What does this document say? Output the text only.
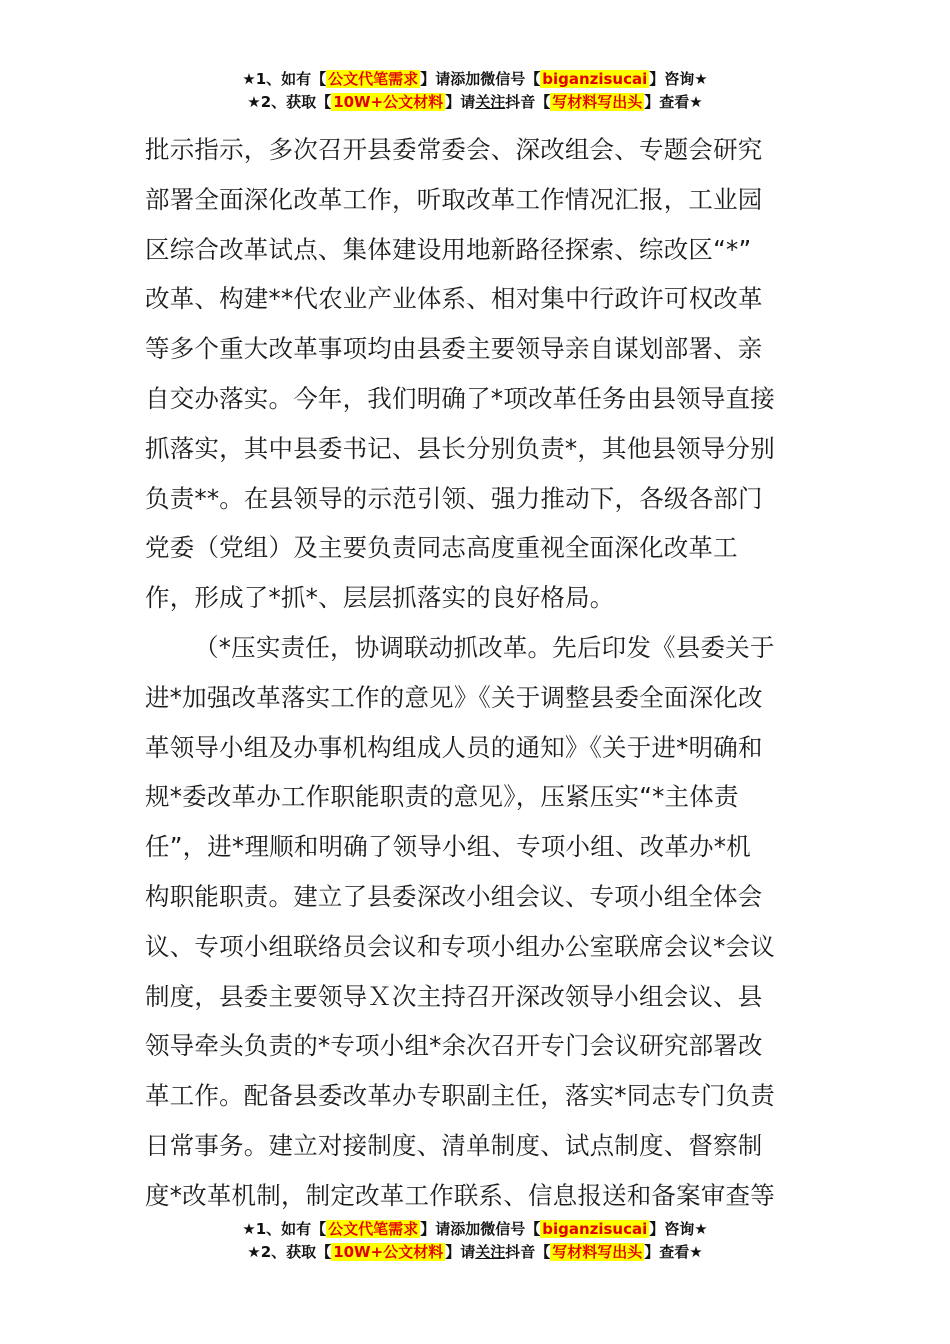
★1、如有【 公文代笔需求 】请添加微信号【 biganzisucai 】咨询★
★2、获取【 10W+公文材料 】请关注抖音【 写材料写出头 】查看★
批示指示，多次召开县委常委会、深改组会、专题会研究
部署全面深化改革工作，听取改革工作情况汇报，工业园
区综合改革试点、集体建设用地新路径探索、综改区“*”
改革、构建**代农业产业体系、相对集中行政许可权改革
等多个重大改革事项均由县委主要领导亲自谋划部署、亲
自交办落实。今年，我们明确了*项改革任务由县领导直接
抓落实，其中县委书记、县长分别负责*，其他县领导分别
负责**。在县领导的示范引领、强力推动下，各级各部门
党委（党组）及主要负责同志高度重视全面深化改革工
作，形成了*抓*、层层抓落实的良好格局。
（*压实责任，协调联动抓改革。先后印发《县委关于
进*加强改革落实工作的意见》《关于调整县委全面深化改
革领导小组及办事机构组成人员的通知》《关于进*明确和
规*委改革办工作职能职责的意见》，压紧压实“*主体责
任”，进*理顺和明确了领导小组、专项小组、改革办*机
构职能职责。建立了县委深改小组会议、专项小组全体会
议、专项小组联络员会议和专项小组办公室联席会议*会议
制度，县委主要领导Ｘ次主持召开深改领导小组会议、县
领导牵头负责的*专项小组*余次召开专门会议研究部署改
革工作。配备县委改革办专职副主任，落实*同志专门负责
日常事务。建立对接制度、清单制度、试点制度、督察制
度*改革机制，制定改革工作联系、信息报送和备案审查等
★1、如有【 公文代笔需求 】请添加微信号【 biganzisucai 】咨询★
★2、获取【 10W+公文材料 】请关注抖音【 写材料写出头 】查看★
